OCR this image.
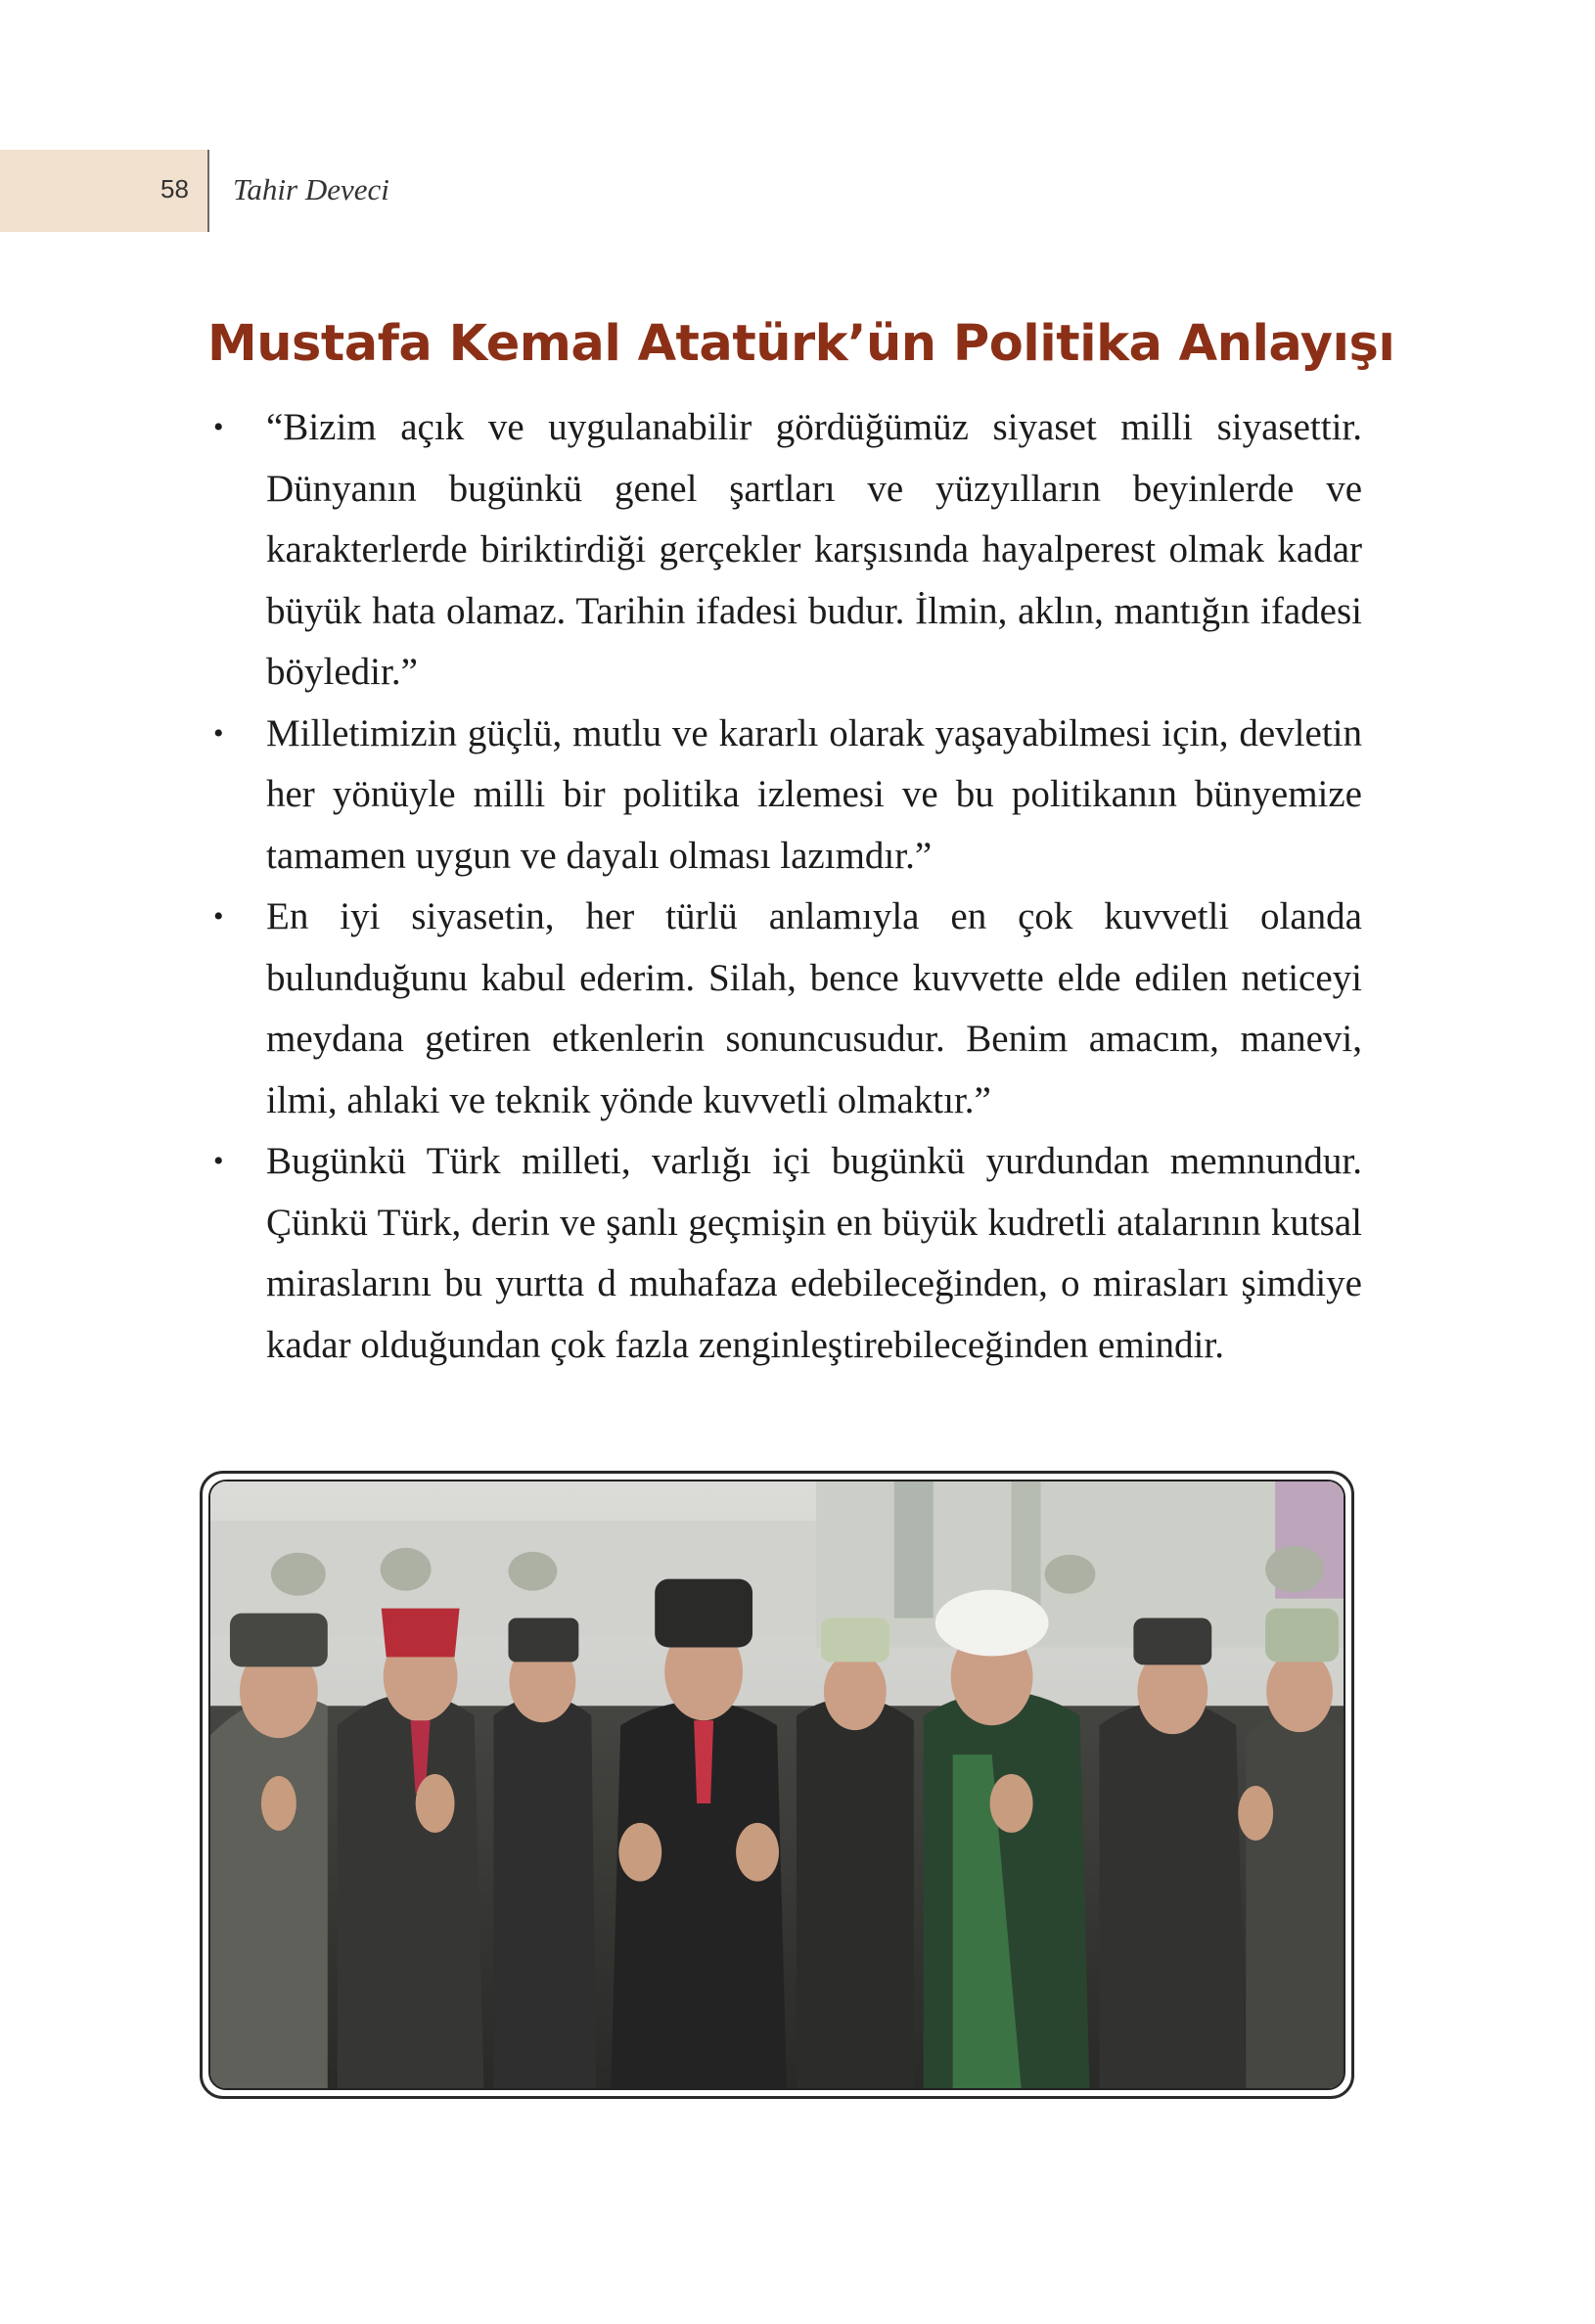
58 Tahir Deveci
Mustafa Kemal Atatürk’ün Politika Anlayışı
• “Bizim açık ve uygulanabilir gördüğümüz siyaset milli siyasettir. Dünyanın bugünkü genel şartları ve yüzyılların beyinlerde ve karakterlerde biriktirdiği gerçekler karşısında hayalperest olmak kadar büyük hata olamaz. Tarihin ifadesi budur. İlmin, aklın, mantığın ifadesi böyledir.”
• Milletimizin güçlü, mutlu ve kararlı olarak yaşayabilmesi için, devletin her yönüyle milli bir politika izlemesi ve bu politikanın bünyemize tamamen uygun ve dayalı olması lazımdır.”
• En iyi siyasetin, her türlü anlamıyla en çok kuvvetli olanda bulunduğunu kabul ederim. Silah, bence kuvvette elde edilen neticeyi meydana getiren etkenlerin sonuncusudur. Benim amacım, manevi, ilmi, ahlaki ve teknik yönde kuvvetli olmaktır.”
• Bugünkü Türk milleti, varlığı içi bugünkü yurdundan memnundur. Çünkü Türk, derin ve şanlı geçmişin en büyük kudretli atalarının kutsal miraslarını bu yurtta d muhafaza edebileceğinden, o mirasları şimdiye kadar olduğundan çok fazla zenginleştirebileceğinden emindir.
